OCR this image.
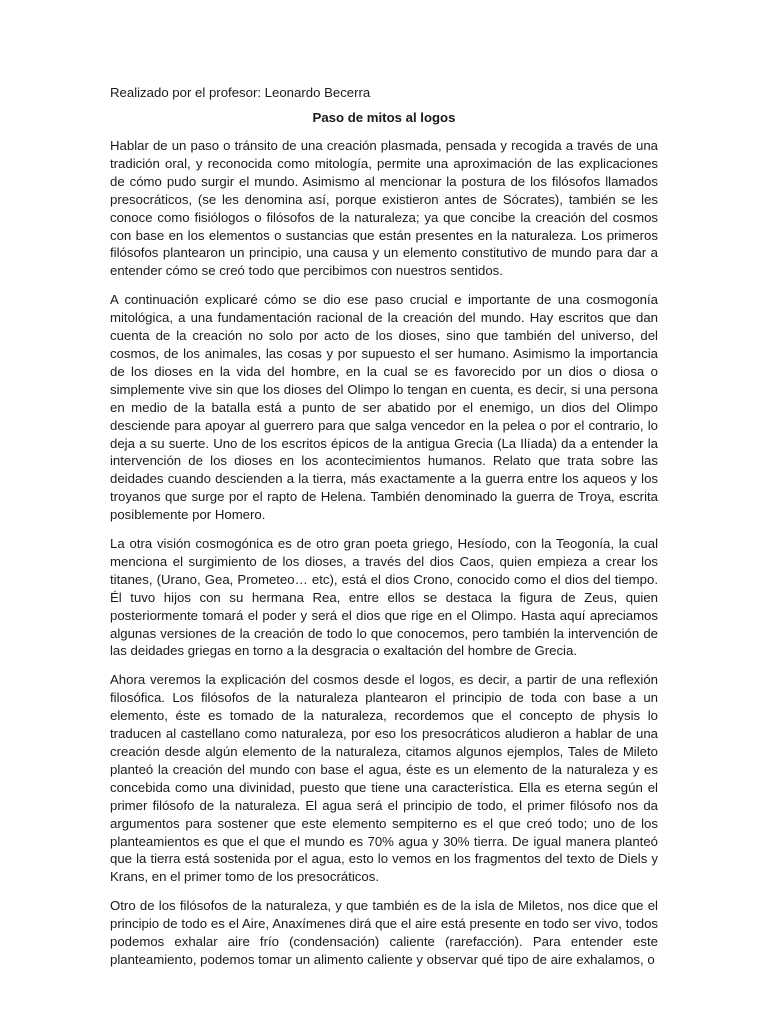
Realizado por el profesor: Leonardo Becerra
Paso de mitos al logos

Hablar de un paso o tránsito de una creación plasmada, pensada y recogida a través de una tradición oral, y reconocida como mitología, permite una aproximación de las explicaciones de cómo pudo surgir el mundo. Asimismo al mencionar la postura de los filósofos llamados presocráticos, (se les denomina así, porque existieron antes de Sócrates), también se les conoce como fisiólogos o filósofos de la naturaleza; ya que concibe la creación del cosmos con base en los elementos o sustancias que están presentes en la naturaleza. Los primeros filósofos plantearon un principio, una causa y un elemento constitutivo de mundo para dar a entender cómo se creó todo que percibimos con nuestros sentidos.

A continuación explicaré cómo se dio ese paso crucial e importante de una cosmogonía mitológica, a una fundamentación racional de la creación del mundo. Hay escritos que dan cuenta de la creación no solo por acto de los dioses, sino que también del universo, del cosmos, de los animales, las cosas y por supuesto el ser humano. Asimismo la importancia de los dioses en la vida del hombre, en la cual se es favorecido por un dios o diosa o simplemente vive sin que los dioses del Olimpo lo tengan en cuenta, es decir, si una persona en medio de la batalla está a punto de ser abatido por el enemigo, un dios del Olimpo desciende para apoyar al guerrero para que salga vencedor en la pelea o por el contrario, lo deja a su suerte. Uno de los escritos épicos de la antigua Grecia (La Ilíada) da a entender la intervención de los dioses en los acontecimientos humanos. Relato que trata sobre las deidades cuando descienden a la tierra, más exactamente a la guerra entre los aqueos y los troyanos que surge por el rapto de Helena. También denominado la guerra de Troya, escrita posiblemente por Homero.

La otra visión cosmogónica es de otro gran poeta griego, Hesíodo, con la Teogonía, la cual menciona el surgimiento de los dioses, a través del dios Caos, quien empieza a crear los titanes, (Urano, Gea, Prometeo… etc), está el dios Crono, conocido como el dios del tiempo. Él tuvo hijos con su hermana Rea, entre ellos se destaca la figura de Zeus, quien posteriormente tomará el poder y será el dios que rige en el Olimpo. Hasta aquí apreciamos algunas versiones de la creación de todo lo que conocemos, pero también la intervención de las deidades griegas en torno a la desgracia o exaltación del hombre de Grecia.

Ahora veremos la explicación del cosmos desde el logos, es decir, a partir de una reflexión filosófica. Los filósofos de la naturaleza plantearon el principio de toda con base a un elemento, éste es tomado de la naturaleza, recordemos que el concepto de physis lo traducen al castellano como naturaleza, por eso los presocráticos aludieron a hablar de una creación desde algún elemento de la naturaleza, citamos algunos ejemplos, Tales de Mileto planteó la creación del mundo con base el agua, éste es un elemento de la naturaleza y es concebida como una divinidad, puesto que tiene una característica. Ella es eterna según el primer filósofo de la naturaleza. El agua será el principio de todo, el primer filósofo nos da argumentos para sostener que este elemento sempiterno es el que creó todo; uno de los planteamientos es que el que el mundo es 70% agua y 30% tierra. De igual manera planteó que la tierra está sostenida por el agua, esto lo vemos en los fragmentos del texto de Diels y Krans, en el primer tomo de los presocráticos.

Otro de los filósofos de la naturaleza, y que también es de la isla de Miletos, nos dice que el principio de todo es el Aire, Anaxímenes dirá que el aire está presente en todo ser vivo, todos podemos exhalar aire frío (condensación) caliente (rarefacción). Para entender este planteamiento, podemos tomar un alimento caliente y observar qué tipo de aire exhalamos, o
